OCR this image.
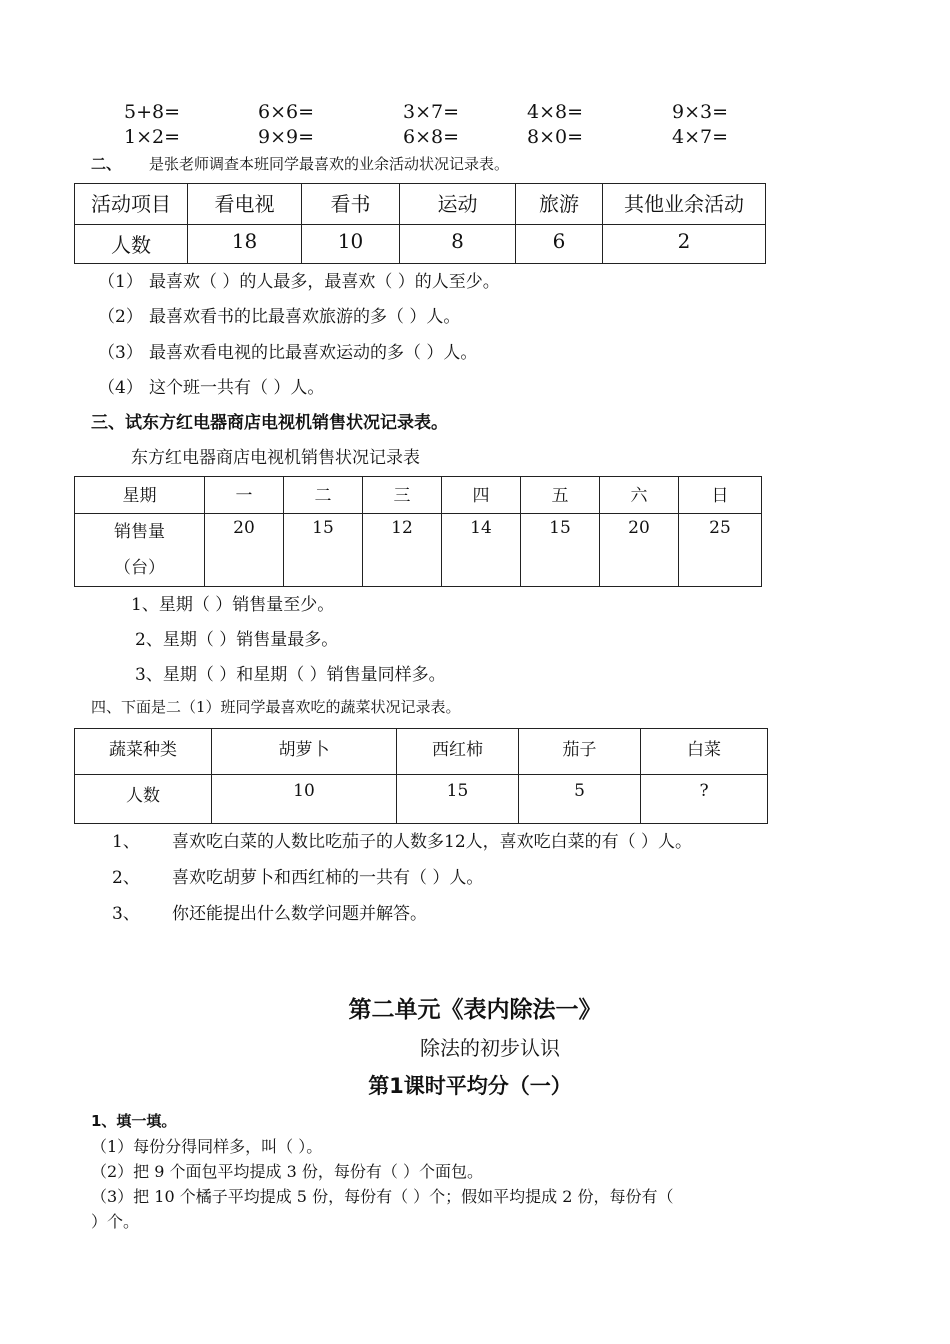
5+8=	6×6=	3×7=	4×8=	9×3=
1×2=	9×9=	6×8=	8×0=	4×7=
二、 是张老师调查本班同学最喜欢的业余活动状况记录表。
活动项目	看电视	看书	运动	旅游	其他业余活动
人数	18	10	8	6	2
（1） 最喜欢（ ）的人最多，最喜欢（ ）的人至少。
（2） 最喜欢看书的比最喜欢旅游的多（ ）人。
（3） 最喜欢看电视的比最喜欢运动的多（ ）人。
（4） 这个班一共有（ ）人。
三、试东方红电器商店电视机销售状况记录表。
东方红电器商店电视机销售状况记录表
星期	一	二	三	四	五	六	日

销售量
（台）	20	15	12	14	15	20	25
1、星期（ ）销售量至少。
2、星期（ ）销售量最多。
3、星期（ ）和星期（ ）销售量同样多。
四、下面是二（1）班同学最喜欢吃的蔬菜状况记录表。
蔬菜种类	胡萝卜	西红柿	茄子	白菜
人数	10	15	5	?
1、 喜欢吃白菜的人数比吃茄子的人数多12人，喜欢吃白菜的有（ ）人。
2、 喜欢吃胡萝卜和西红柿的一共有（ ）人。
3、 你还能提出什么数学问题并解答。
第二单元《表内除法一》
除法的初步认识
第1课时平均分（一）
1、填一填。
（1）每份分得同样多，叫（ ）。
（2）把 9 个面包平均提成 3 份，每份有（ ）个面包。
（3）把 10 个橘子平均提成 5 份，每份有（ ）个；假如平均提成 2 份，每份有（
）个。
